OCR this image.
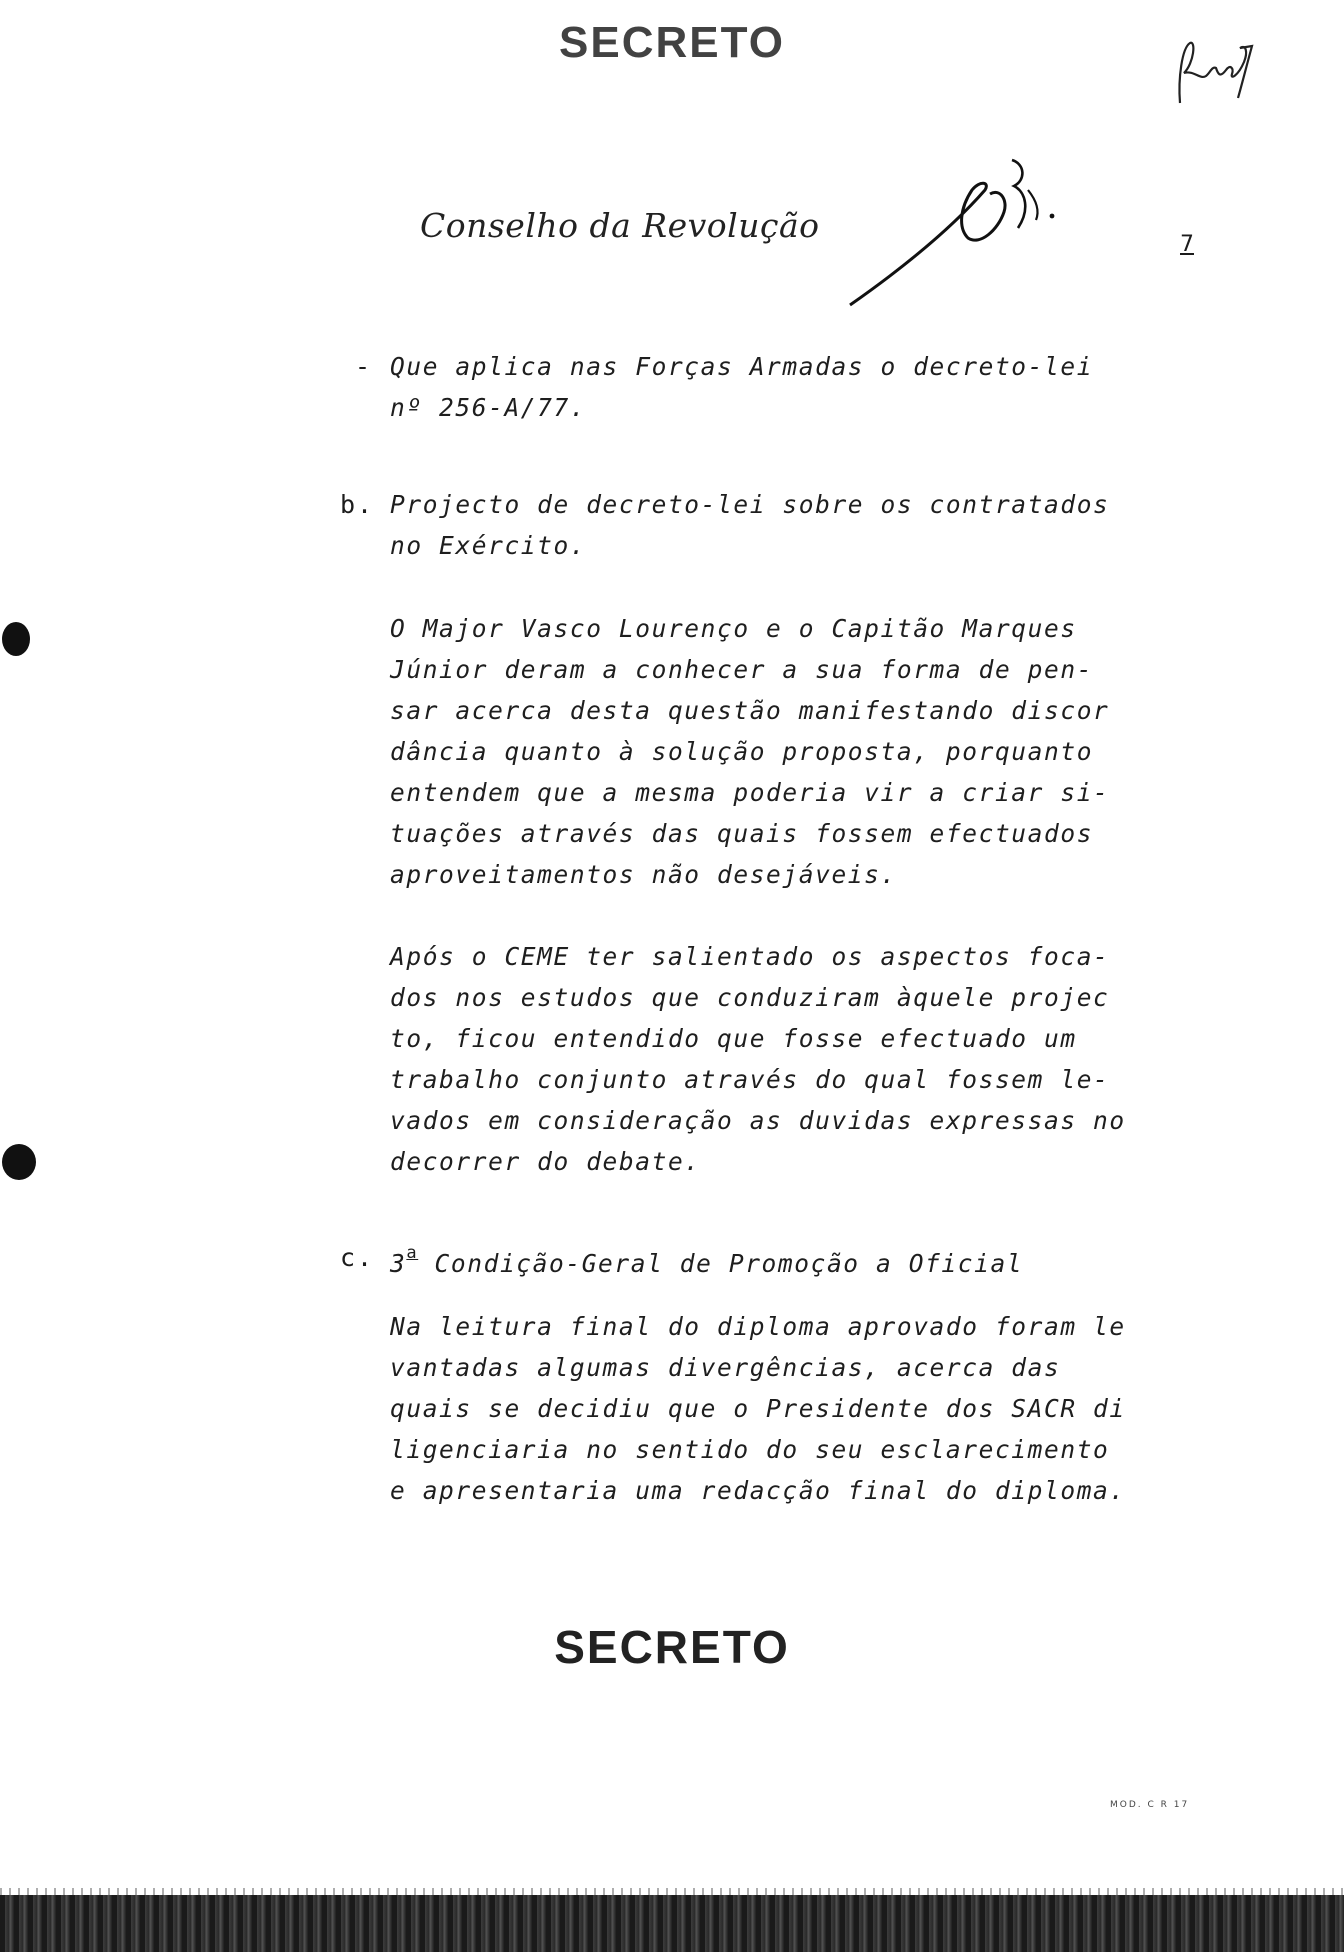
SECRETO
Conselho da Revolução	7
- Que aplica nas Forças Armadas o decreto-lei
nº 256-A/77.
b. Projecto de decreto-lei sobre os contratados
no Exército.
O Major Vasco Lourenço e o Capitão Marques
Júnior deram a conhecer a sua forma de pen-
sar acerca desta questão manifestando discor
dância quanto à solução proposta, porquanto
entendem que a mesma poderia vir a criar si-
tuações através das quais fossem efectuados
aproveitamentos não desejáveis.
Após o CEME ter salientado os aspectos foca-
dos nos estudos que conduziram àquele projec
to, ficou entendido que fosse efectuado um
trabalho conjunto através do qual fossem le-
vados em consideração as duvidas expressas no
decorrer do debate.
c. 3$^a$ Condição-Geral de Promoção a Oficial
Na leitura final do diploma aprovado foram le
vantadas algumas divergências, acerca das
quais se decidiu que o Presidente dos SACR di
ligenciaria no sentido do seu esclarecimento
e apresentaria uma redacção final do diploma.
SECRETO
MOD. C R 17
